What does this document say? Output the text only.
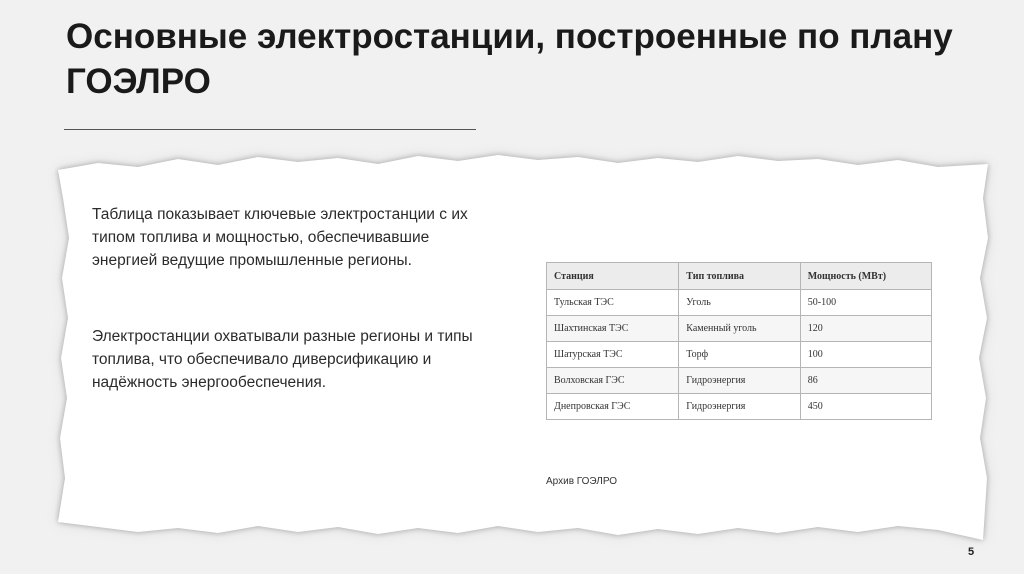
Основные электростанции, построенные по плану ГОЭЛРО

Таблица показывает ключевые электростанции с их типом топлива и мощностью, обеспечивавшие энергией ведущие промышленные регионы.

Электростанции охватывали разные регионы и типы топлива, что обеспечивало диверсификацию и надёжность энергообеспечения.

Станция	Тип топлива	Мощность (МВт)
Тульская ТЭС	Уголь	50-100
Шахтинская ТЭС	Каменный уголь	120
Шатурская ТЭС	Торф	100
Волховская ГЭС	Гидроэнергия	86
Днепровская ГЭС	Гидроэнергия	450

Архив ГОЭЛРО

5
